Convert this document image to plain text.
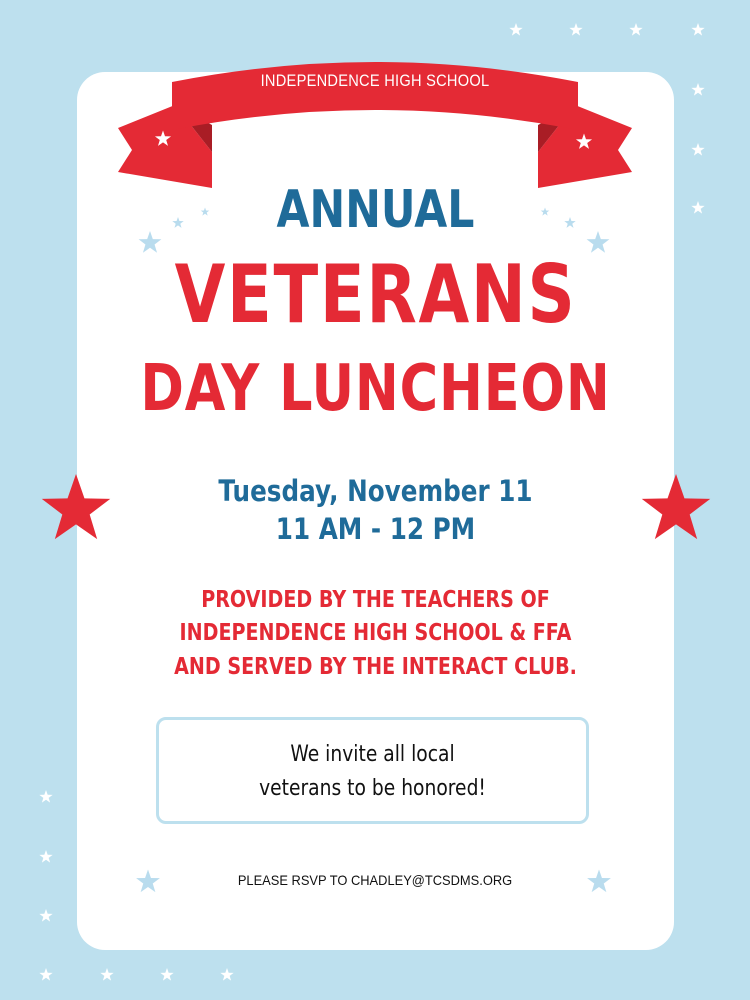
INDEPENDENCE HIGH SCHOOL
ANNUAL
VETERANS
DAY LUNCHEON
Tuesday, November 11
11 AM - 12 PM
PROVIDED BY THE TEACHERS OF
INDEPENDENCE HIGH SCHOOL & FFA
AND SERVED BY THE INTERACT CLUB.
We invite all local
veterans to be honored!
PLEASE RSVP TO CHADLEY@TCSDMS.ORG
